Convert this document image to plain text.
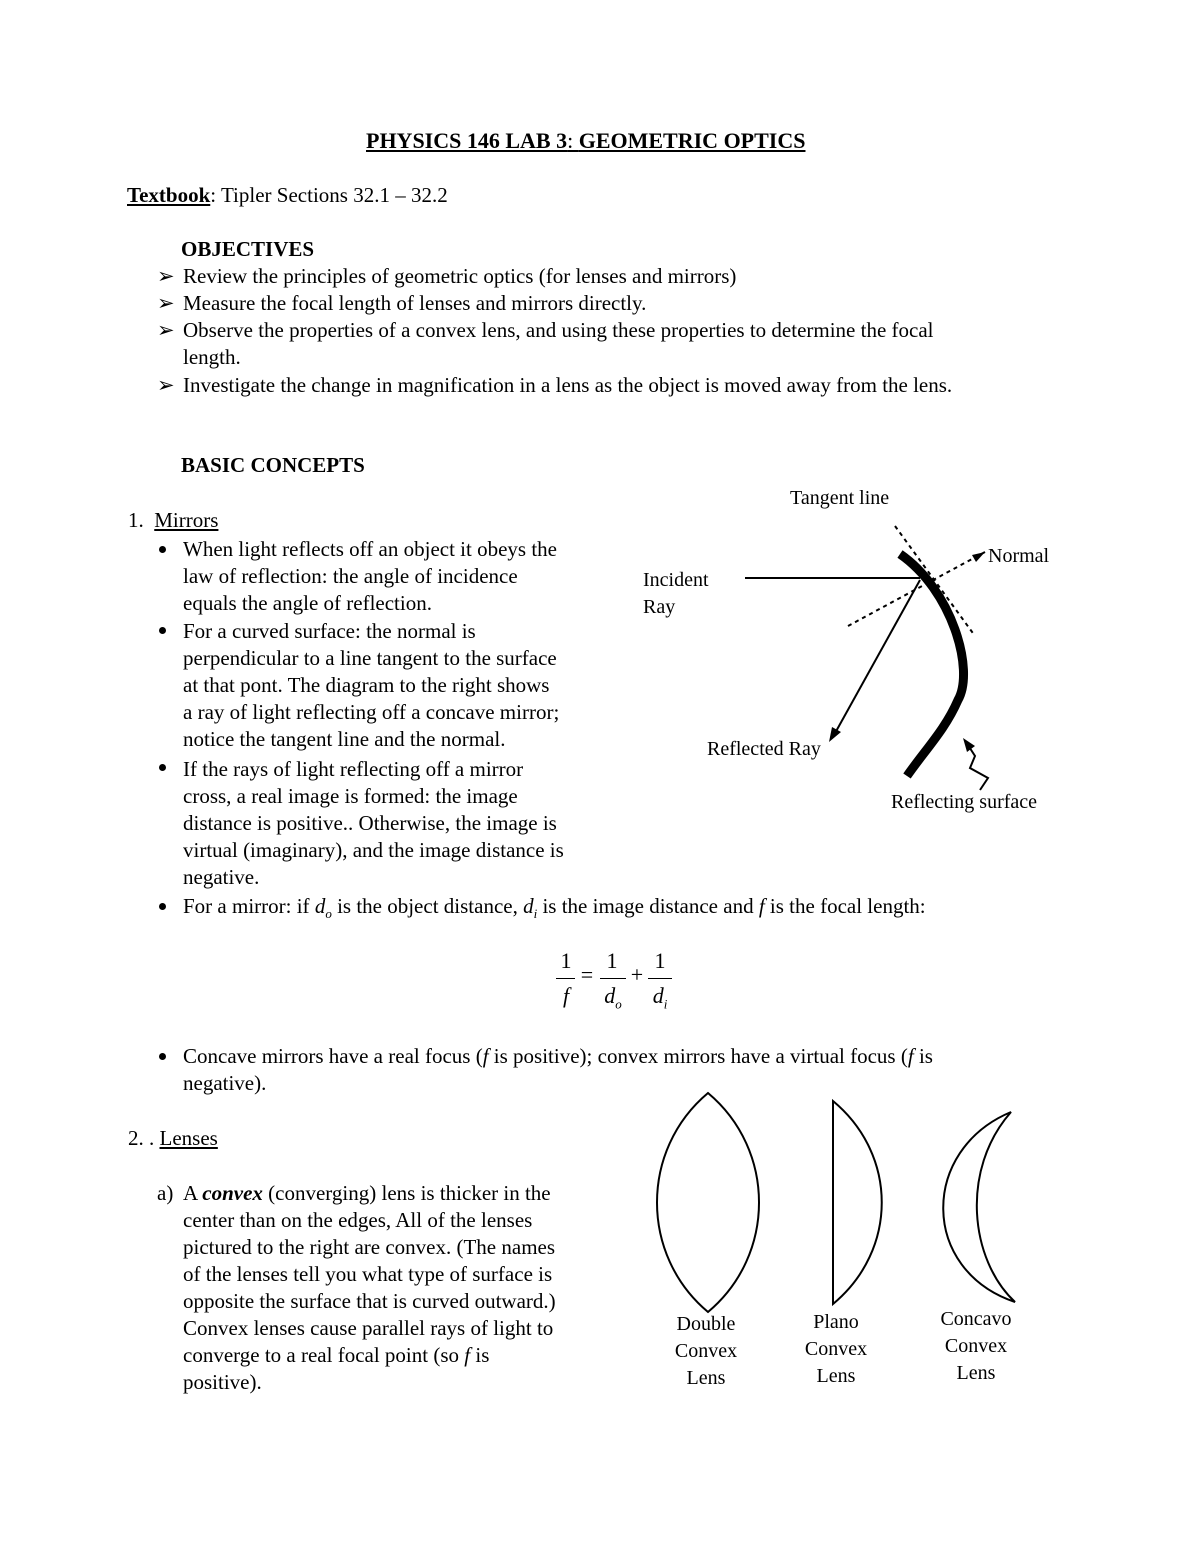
PHYSICS 146 LAB 3: GEOMETRIC OPTICS
Textbook: Tipler Sections 32.1 – 32.2
OBJECTIVES
➢ Review the principles of geometric optics (for lenses and mirrors)
➢ Measure the focal length of lenses and mirrors directly.
➢ Observe the properties of a convex lens, and using these properties to determine the focal
length.
➢ Investigate the change in magnification in a lens as the object is moved away from the lens.
BASIC CONCEPTS
1. Mirrors
When light reflects off an object it obeys the
law of reflection: the angle of incidence
equals the angle of reflection.
For a curved surface: the normal is
perpendicular to a line tangent to the surface
at that pont. The diagram to the right shows
a ray of light reflecting off a concave mirror;
notice the tangent line and the normal.
If the rays of light reflecting off a mirror
cross, a real image is formed: the image
distance is positive.. Otherwise, the image is
virtual (imaginary), and the image distance is
negative.
For a mirror: if $d_o$ is the object distance, $d_i$ is the image distance and f is the focal length:
1
f
=
1
$d_o$
+
1
$d_i$
Concave mirrors have a real focus (f is positive); convex mirrors have a virtual focus (f is
negative).
2. . Lenses
a) A convex (converging) lens is thicker in the
center than on the edges, All of the lenses
pictured to the right are convex. (The names
of the lenses tell you what type of surface is
opposite the surface that is curved outward.)
Convex lenses cause parallel rays of light to
converge to a real focal point (so f is
positive).
Tangent line
Normal
Incident
Ray
Reflected Ray
Reflecting surface
Double
Convex
Lens
Plano
Convex
Lens
Concavo
Convex
Lens
